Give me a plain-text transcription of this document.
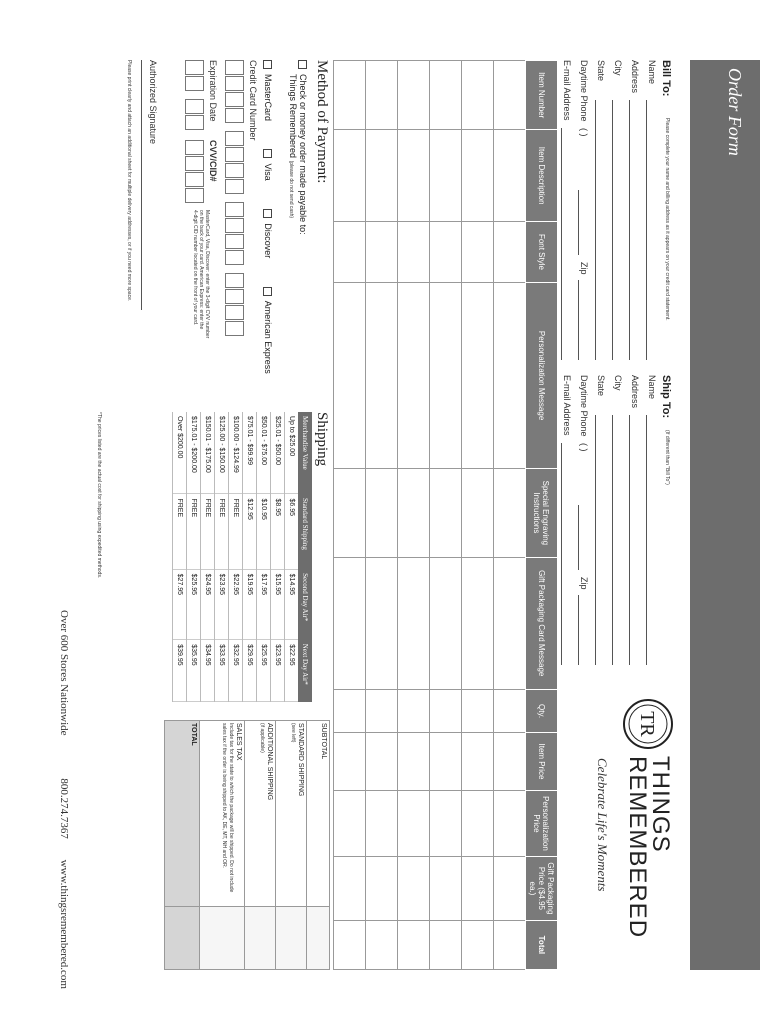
Order Form
Bill To:
Please complete your name and billing address as it appears on your credit card statement.
Name
Address
City
State
Daytime Phone
( )
Zip
E-mail Address
Ship To:
(If different than "Bill To")
Name
Address
City
State
Daytime Phone
( )
Zip
E-mail Address
TR
THINGS
REMEMBERED
Celebrate Life's Moments
Item Number	Item Description	Font Style	Personalization Message	Special Engraving Instructions	Gift Packaging Card Message	Qty.	Item Price	Personalization Price	Gift Packaging Price ($4.95 ea.)	Total

SUBTOTAL	
STANDARD SHIPPING
(see left)	
ADDITIONAL SHIPPING
(if applicable)	
SALES TAX
Include tax for the state to which the package will be shipped. Do not include sales tax if the order is being shipped to AK, DE, MT, NH and OR.	
TOTAL	
Method of Payment:
Check or money order made payable to:
Things Remembered (please do not send cash)
MasterCard Visa Discover American Express
Credit Card Number
Expiration Date
CVV/CID#
MasterCard, Visa, Discover: enter the 3-digit CVV number
on the back of your card. American Express: enter the
4-digit CID number located on the front of your card.
Authorized Signature
Please print clearly and attach an additional sheet for multiple delivery addresses, or if you need more space.
Shipping
Merchandise Value	Standard Shipping	Second Day Air*	Next Day Air*
Up to $25.00	$6.95	$14.95	$22.95
$25.01 - $50.00	$8.95	$15.95	$23.95
$50.01 - $75.00	$10.95	$17.95	$25.95
$75.01 - $99.99	$12.95	$19.95	$29.95
$100.00 - $124.99	FREE	$22.95	$32.95
$125.00 - $150.00	FREE	$23.95	$33.95
$150.01 - $175.00	FREE	$24.95	$34.95
$175.01 - $200.00	FREE	$25.95	$35.95
Over $200.00	FREE	$27.95	$39.95
*The prices listed are the actual cost for shipping using expedited methods.
Over 600 Stores Nationwide 800.274.7367 www.thingsremembered.com
